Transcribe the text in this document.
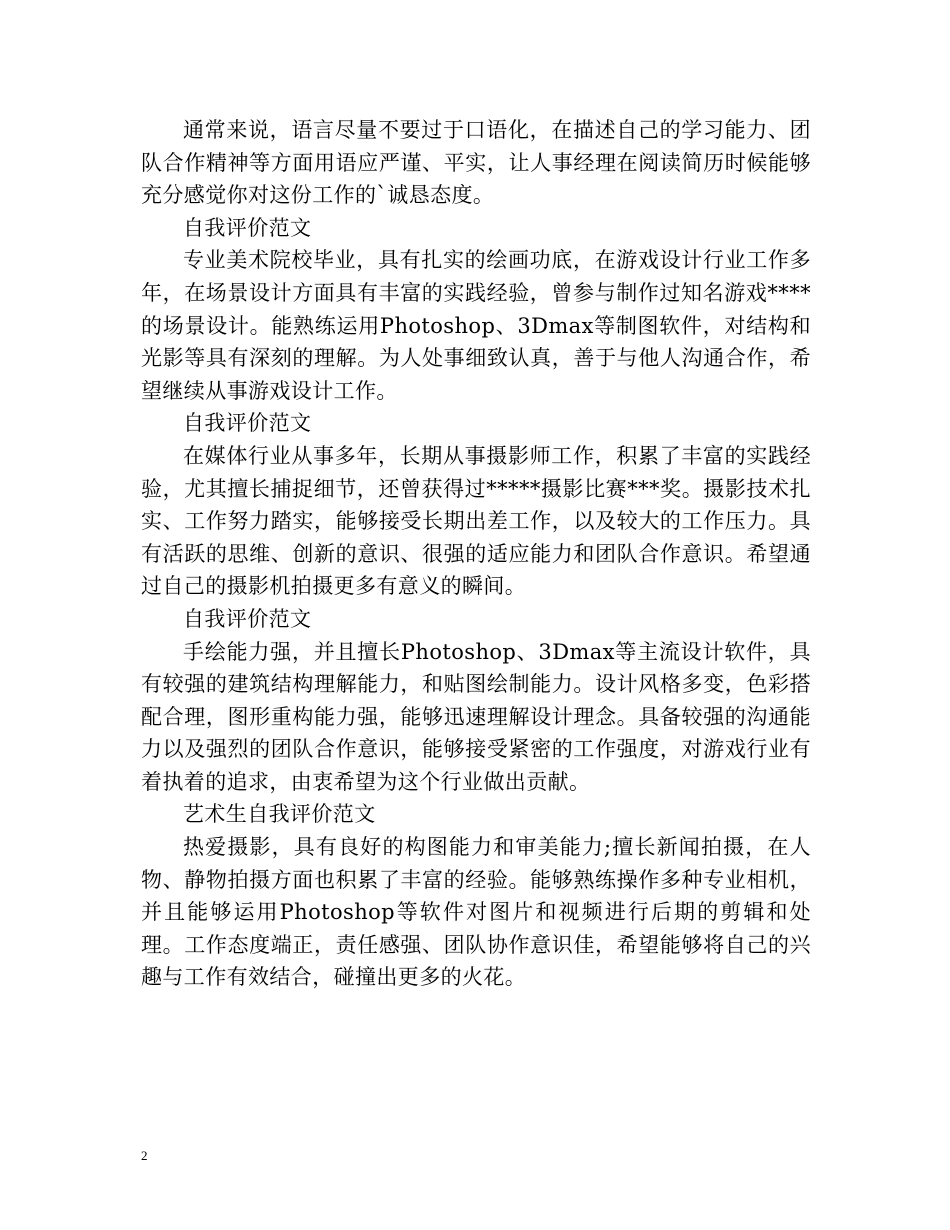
通常来说，语言尽量不要过于口语化，在描述自己的学习能力、团队合作精神等方面用语应严谨、平实，让人事经理在阅读简历时候能够充分感觉你对这份工作的`诚恳态度。

自我评价范文

专业美术院校毕业，具有扎实的绘画功底，在游戏设计行业工作多年，在场景设计方面具有丰富的实践经验，曾参与制作过知名游戏****的场景设计。能熟练运用Photoshop、3Dmax等制图软件，对结构和光影等具有深刻的理解。为人处事细致认真，善于与他人沟通合作，希望继续从事游戏设计工作。

自我评价范文

在媒体行业从事多年，长期从事摄影师工作，积累了丰富的实践经验，尤其擅长捕捉细节，还曾获得过*****摄影比赛***奖。摄影技术扎实、工作努力踏实，能够接受长期出差工作，以及较大的工作压力。具有活跃的思维、创新的意识、很强的适应能力和团队合作意识。希望通过自己的摄影机拍摄更多有意义的瞬间。

自我评价范文

手绘能力强，并且擅长Photoshop、3Dmax等主流设计软件，具有较强的建筑结构理解能力，和贴图绘制能力。设计风格多变，色彩搭配合理，图形重构能力强，能够迅速理解设计理念。具备较强的沟通能力以及强烈的团队合作意识，能够接受紧密的工作强度，对游戏行业有着执着的追求，由衷希望为这个行业做出贡献。

艺术生自我评价范文

热爱摄影，具有良好的构图能力和审美能力;擅长新闻拍摄，在人物、静物拍摄方面也积累了丰富的经验。能够熟练操作多种专业相机，并且能够运用Photoshop等软件对图片和视频进行后期的剪辑和处理。工作态度端正，责任感强、团队协作意识佳，希望能够将自己的兴趣与工作有效结合，碰撞出更多的火花。

2
